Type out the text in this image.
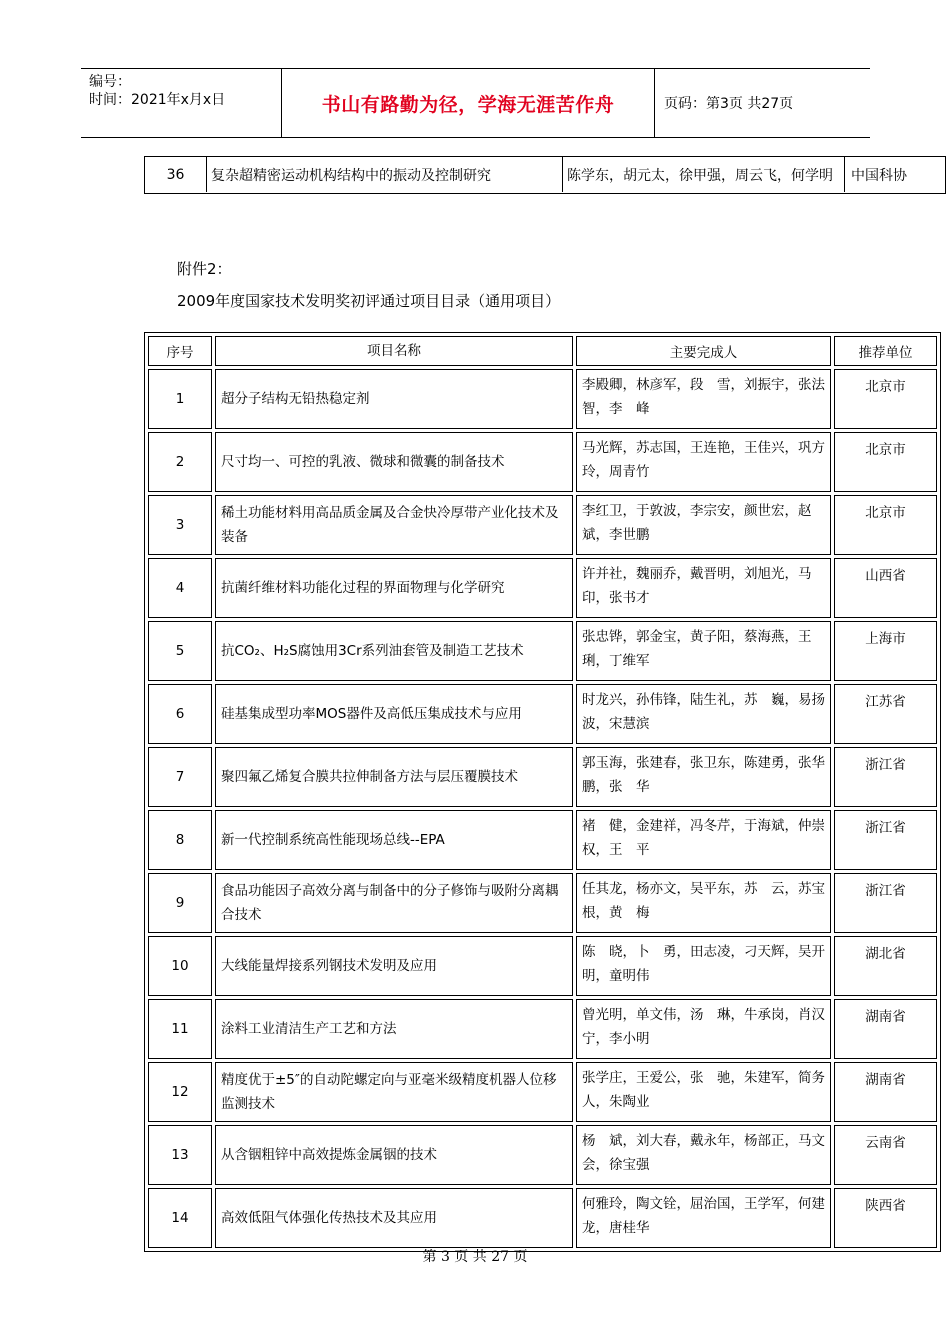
编号：
时间：2021年x月x日	书山有路勤为径，学海无涯苦作舟	页码：第3页 共27页
36	复杂超精密运动机构结构中的振动及控制研究	陈学东，胡元太，徐甲强，周云飞，何学明	中国科协
附件2：
2009年度国家技术发明奖初评通过项目目录（通用项目）
序号	项目名称	主要完成人	推荐单位
1	超分子结构无铅热稳定剂	李殿卿，林彦军，段　雪，刘振宇，张法智，李　峰	北京市
2	尺寸均一、可控的乳液、微球和微囊的制备技术	马光辉，苏志国，王连艳，王佳兴，巩方玲，周青竹	北京市
3	稀土功能材料用高品质金属及合金快冷厚带产业化技术及装备	李红卫，于敦波，李宗安，颜世宏，赵斌，李世鹏	北京市
4	抗菌纤维材料功能化过程的界面物理与化学研究	许并社，魏丽乔，戴晋明，刘旭光，马印，张书才	山西省
5	抗CO₂、H₂S腐蚀用3Cr系列油套管及制造工艺技术	张忠铧，郭金宝，黄子阳，蔡海燕，王琍，丁维军	上海市
6	硅基集成型功率MOS器件及高低压集成技术与应用	时龙兴，孙伟锋，陆生礼，苏　巍，易扬波，宋慧滨	江苏省
7	聚四氟乙烯复合膜共拉伸制备方法与层压覆膜技术	郭玉海，张建春，张卫东，陈建勇，张华鹏，张　华	浙江省
8	新一代控制系统高性能现场总线--EPA	褚　健，金建祥，冯冬芹，于海斌，仲崇权，王　平	浙江省
9	食品功能因子高效分离与制备中的分子修饰与吸附分离耦合技术	任其龙，杨亦文，吴平东，苏　云，苏宝根，黄　梅	浙江省
10	大线能量焊接系列钢技术发明及应用	陈　晓，卜　勇，田志凌，刁天辉，吴开明，童明伟	湖北省
11	涂料工业清洁生产工艺和方法	曾光明，单文伟，汤　琳，牛承岗，肖汉宁，李小明	湖南省
12	精度优于±5″的自动陀螺定向与亚毫米级精度机器人位移监测技术	张学庄，王爱公，张　驰，朱建军，简务人，朱陶业	湖南省
13	从含铟粗锌中高效提炼金属铟的技术	杨　斌，刘大春，戴永年，杨部正，马文会，徐宝强	云南省
14	高效低阻气体强化传热技术及其应用	何雅玲，陶文铨，屈治国，王学军，何建龙，唐桂华	陕西省
第 3 页 共 27 页
